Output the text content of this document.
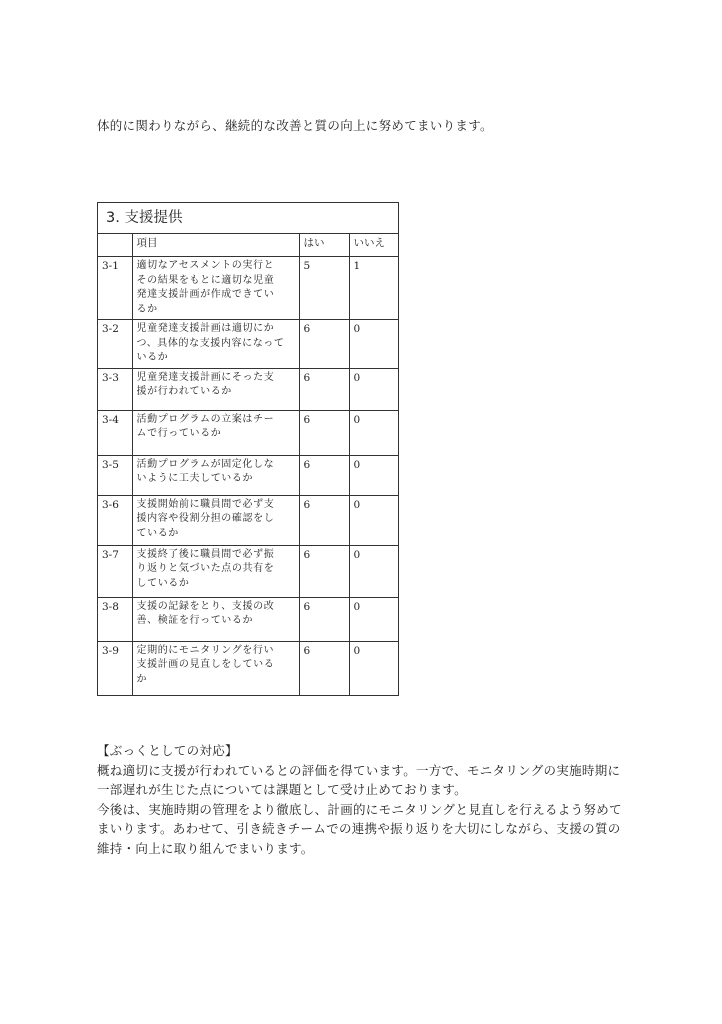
体的に関わりながら、継続的な改善と質の向上に努めてまいります。
3. 支援提供
	項目	はい	いいえ
3-1	適切なアセスメントの実行と
その結果をもとに適切な児童
発達支援計画が作成できてい
るか	5	1
3-2	児童発達支援計画は適切にか
つ、具体的な支援内容になって
いるか	6	0
3-3	児童発達支援計画にそった支
援が行われているか	6	0
3-4	活動プログラムの立案はチー
ムで行っているか	6	0
3-5	活動プログラムが固定化しな
いように工夫しているか	6	0
3-6	支援開始前に職員間で必ず支
援内容や役割分担の確認をし
ているか	6	0
3-7	支援終了後に職員間で必ず振
り返りと気づいた点の共有を
しているか	6	0
3-8	支援の記録をとり、支援の改
善、検証を行っているか	6	0
3-9	定期的にモニタリングを行い
支援計画の見直しをしている
か	6	0

【ぶっくとしての対応】

概ね適切に支援が行われているとの評価を得ています。一方で、モニタリングの実施時期に

一部遅れが生じた点については課題として受け止めております。

今後は、実施時期の管理をより徹底し、計画的にモニタリングと見直しを行えるよう努めて

まいります。あわせて、引き続きチームでの連携や振り返りを大切にしながら、支援の質の

維持・向上に取り組んでまいります。
